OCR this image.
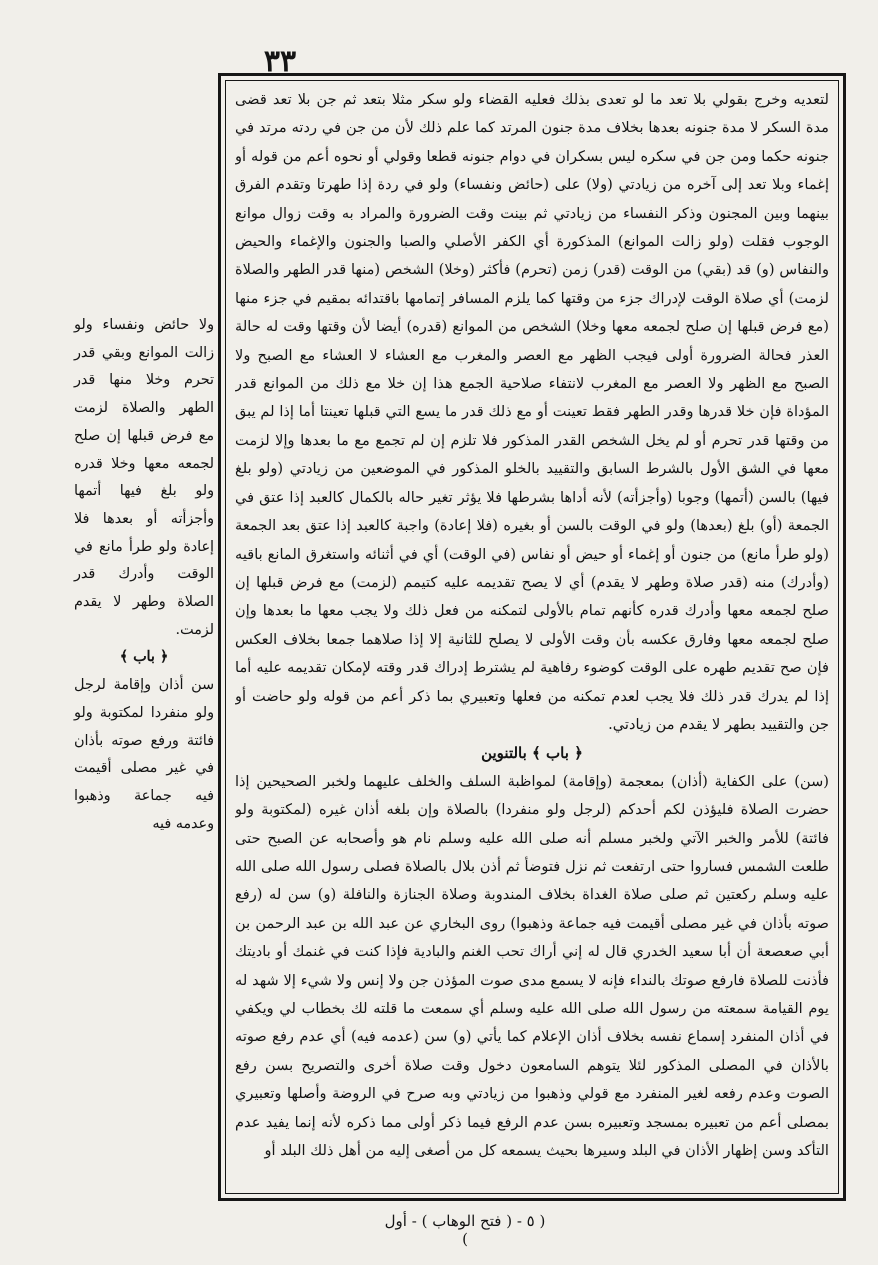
٣٣

ولا حائض ونفساء ولو زالت الموانع وبقي قدر تحرم وخلا منها قدر الطهر والصلاة لزمت مع فرض قبلها إن صلح لجمعه معها وخلا قدره ولو بلغ فيها أتمها وأجزأته أو بعدها فلا إعادة ولو طرأ مانع في الوقت وأدرك قدر الصلاة وطهر لا يقدم لزمت.

﴿ باب ﴾

سن أذان وإقامة لرجل ولو منفردا لمكتوبة ولو فائتة ورفع صوته بأذان في غير مصلى أقيمت فيه جماعة وذهبوا وعدمه فيه

لتعديه وخرج بقولي بلا تعد ما لو تعدى بذلك فعليه القضاء ولو سكر مثلا بتعد ثم جن بلا تعد قضى مدة السكر لا مدة جنونه بعدها بخلاف مدة جنون المرتد كما علم ذلك لأن من جن في ردته مرتد في جنونه حكما ومن جن في سكره ليس بسكران في دوام جنونه قطعا وقولي أو نحوه أعم من قوله أو إغماء وبلا تعد إلى آخره من زيادتي (ولا) على (حائض ونفساء) ولو في ردة إذا طهرتا وتقدم الفرق بينهما وبين المجنون وذكر النفساء من زيادتي ثم بينت وقت الضرورة والمراد به وقت زوال موانع الوجوب فقلت (ولو زالت الموانع) المذكورة أي الكفر الأصلي والصبا والجنون والإغماء والحيض والنفاس (و) قد (بقي) من الوقت (قدر) زمن (تحرم) فأكثر (وخلا) الشخص (منها قدر الطهر والصلاة لزمت) أي صلاة الوقت لإدراك جزء من وقتها كما يلزم المسافر إتمامها باقتدائه بمقيم في جزء منها (مع فرض قبلها إن صلح لجمعه معها وخلا) الشخص من الموانع (قدره) أيضا لأن وقتها وقت له حالة العذر فحالة الضرورة أولى فيجب الظهر مع العصر والمغرب مع العشاء لا العشاء مع الصبح ولا الصبح مع الظهر ولا العصر مع المغرب لانتفاء صلاحية الجمع هذا إن خلا مع ذلك من الموانع قدر المؤداة فإن خلا قدرها وقدر الطهر فقط تعينت أو مع ذلك قدر ما يسع التي قبلها تعينتا أما إذا لم يبق من وقتها قدر تحرم أو لم يخل الشخص القدر المذكور فلا تلزم إن لم تجمع مع ما بعدها وإلا لزمت معها في الشق الأول بالشرط السابق والتقييد بالخلو المذكور في الموضعين من زيادتي (ولو بلغ فيها) بالسن (أتمها) وجوبا (وأجزأته) لأنه أداها بشرطها فلا يؤثر تغير حاله بالكمال كالعبد إذا عتق في الجمعة (أو) بلغ (بعدها) ولو في الوقت بالسن أو بغيره (فلا إعادة) واجبة كالعبد إذا عتق بعد الجمعة (ولو طرأ مانع) من جنون أو إغماء أو حيض أو نفاس (في الوقت) أي في أثنائه واستغرق المانع باقيه (وأدرك) منه (قدر صلاة وطهر لا يقدم) أي لا يصح تقديمه عليه كتيمم (لزمت) مع فرض قبلها إن صلح لجمعه معها وأدرك قدره كأنهم تمام بالأولى لتمكنه من فعل ذلك ولا يجب معها ما بعدها وإن صلح لجمعه معها وفارق عكسه بأن وقت الأولى لا يصلح للثانية إلا إذا صلاهما جمعا بخلاف العكس فإن صح تقديم طهره على الوقت كوضوء رفاهية لم يشترط إدراك قدر وقته لإمكان تقديمه عليه أما إذا لم يدرك قدر ذلك فلا يجب لعدم تمكنه من فعلها وتعبيري بما ذكر أعم من قوله ولو حاضت أو جن والتقييد بطهر لا يقدم من زيادتي.

﴿ باب ﴾ بالتنوين

(سن) على الكفاية (أذان) بمعجمة (وإقامة) لمواظبة السلف والخلف عليهما ولخبر الصحيحين إذا حضرت الصلاة فليؤذن لكم أحدكم (لرجل ولو منفردا) بالصلاة وإن بلغه أذان غيره (لمكتوبة ولو فائتة) للأمر والخبر الآتي ولخبر مسلم أنه صلى الله عليه وسلم نام هو وأصحابه عن الصبح حتى طلعت الشمس فساروا حتى ارتفعت ثم نزل فتوضأ ثم أذن بلال بالصلاة فصلى رسول الله صلى الله عليه وسلم ركعتين ثم صلى صلاة الغداة بخلاف المندوبة وصلاة الجنازة والنافلة (و) سن له (رفع صوته بأذان في غير مصلى أقيمت فيه جماعة وذهبوا) روى البخاري عن عبد الله بن عبد الرحمن بن أبي صعصعة أن أبا سعيد الخدري قال له إني أراك تحب الغنم والبادية فإذا كنت في غنمك أو باديتك فأذنت للصلاة فارفع صوتك بالنداء فإنه لا يسمع مدى صوت المؤذن جن ولا إنس ولا شيء إلا شهد له يوم القيامة سمعته من رسول الله صلى الله عليه وسلم أي سمعت ما قلته لك بخطاب لي ويكفي في أذان المنفرد إسماع نفسه بخلاف أذان الإعلام كما يأتي (و) سن (عدمه فيه) أي عدم رفع صوته بالأذان في المصلى المذكور لئلا يتوهم السامعون دخول وقت صلاة أخرى والتصريح بسن رفع الصوت وعدم رفعه لغير المنفرد مع قولي وذهبوا من زيادتي وبه صرح في الروضة وأصلها وتعبيري بمصلى أعم من تعبيره بمسجد وتعبيره بسن عدم الرفع فيما ذكر أولى مما ذكره لأنه إنما يفيد عدم التأكد وسن إظهار الأذان في البلد وسيرها بحيث يسمعه كل من أصغى إليه من أهل ذلك البلد أو

( ٥ - ( فتح الوهاب ) - أول )
